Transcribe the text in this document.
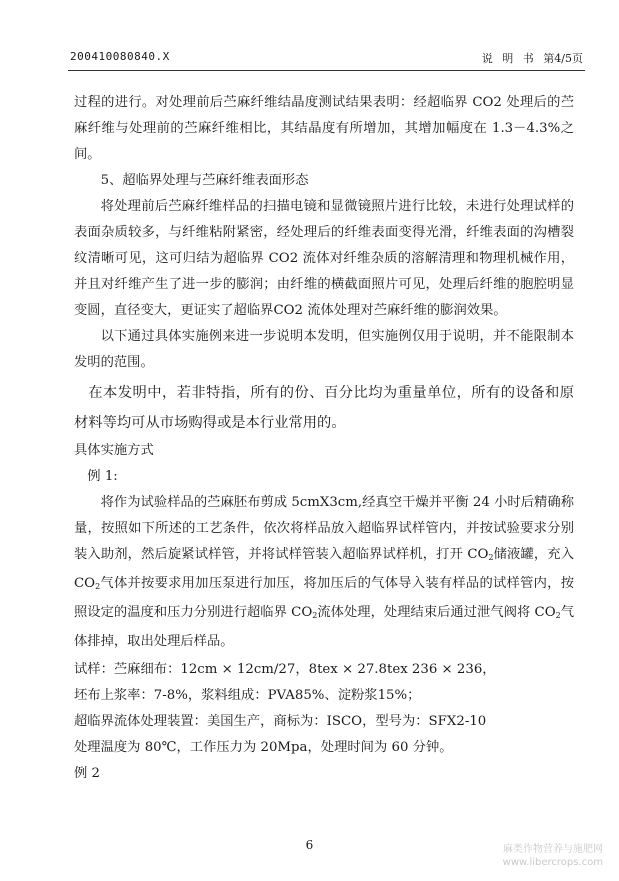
200410080840.X	说 明 书 第4/5页

过程的进行。对处理前后苎麻纤维结晶度测试结果表明：经超临界 CO2 处理后的苎麻纤维与处理前的苎麻纤维相比，其结晶度有所增加，其增加幅度在 1.3－4.3%之间。

5、超临界处理与苎麻纤维表面形态

将处理前后苎麻纤维样品的扫描电镜和显微镜照片进行比较，未进行处理试样的表面杂质较多，与纤维粘附紧密，经处理后的纤维表面变得光滑，纤维表面的沟槽裂纹清晰可见，这可归结为超临界 CO2 流体对纤维杂质的溶解清理和物理机械作用，并且对纤维产生了进一步的膨润；由纤维的横截面照片可见，处理后纤维的胞腔明显变圆，直径变大，更证实了超临界CO2 流体处理对苎麻纤维的膨润效果。

以下通过具体实施例来进一步说明本发明，但实施例仅用于说明，并不能限制本发明的范围。

在本发明中，若非特指，所有的份、百分比均为重量单位，所有的设备和原材料等均可从市场购得或是本行业常用的。

具体实施方式

例 1:

将作为试验样品的苎麻胚布剪成 5cmX3cm,经真空干燥并平衡 24 小时后精确称量，按照如下所述的工艺条件，依次将样品放入超临界试样管内，并按试验要求分别装入助剂，然后旋紧试样管，并将试样管装入超临界试样机，打开 $CO_2$储液罐，充入 $CO_2$气体并按要求用加压泵进行加压，将加压后的气体导入装有样品的试样管内，按照设定的温度和压力分别进行超临界 $CO_2$流体处理，处理结束后通过泄气阀将 $CO_2$气体排掉，取出处理后样品。

试样：苎麻细布：12cm × 12cm/27，8tex × 27.8tex 236 × 236，

坯布上浆率：7-8%，浆料组成：PVA85%、淀粉浆15%；

超临界流体处理装置：美国生产，商标为：ISCO，型号为：SFX2-10

处理温度为 80℃，工作压力为 20Mpa，处理时间为 60 分钟。

例 2

6	麻类作物营养与施肥网
www.libercrops.com
